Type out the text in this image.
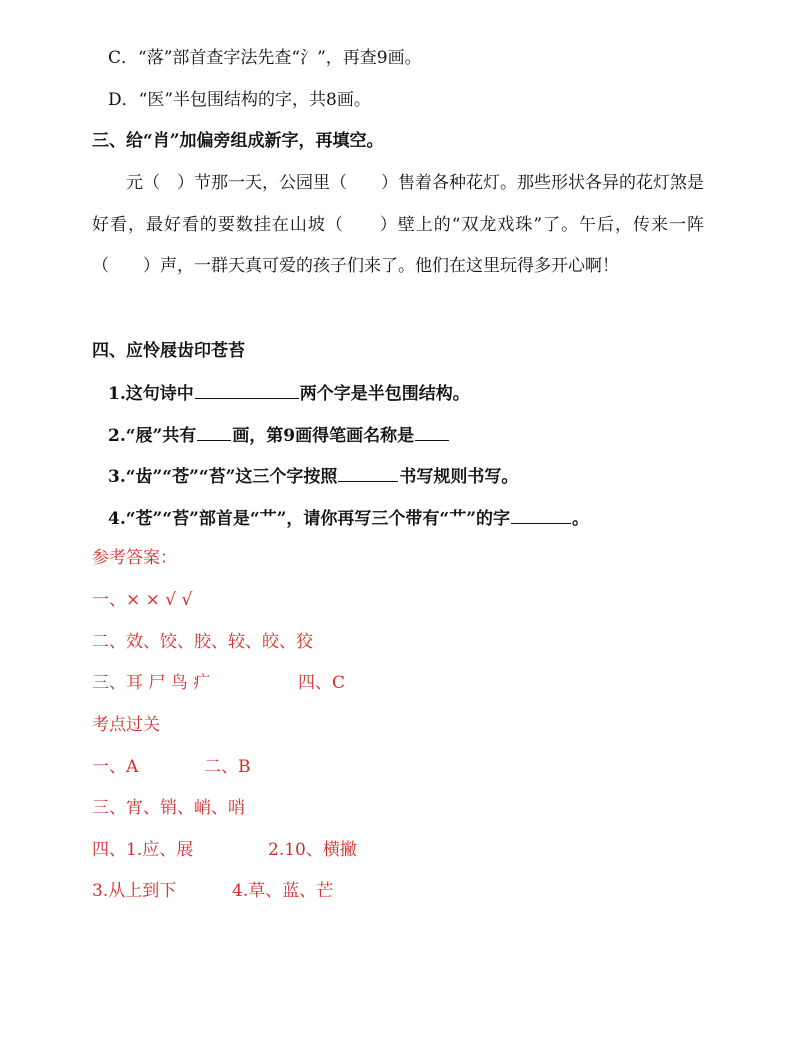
C．“落”部首查字法先查“氵”，再查9画。
D．“医”半包围结构的字，共8画。
三、给“肖”加偏旁组成新字，再填空。
元（　）节那一天，公园里（　　）售着各种花灯。那些形状各异的花灯煞是好看，最好看的要数挂在山坡（　　）壁上的“双龙戏珠”了。午后，传来一阵（　　）声，一群天真可爱的孩子们来了。他们在这里玩得多开心啊！
四、应怜屐齿印苍苔
1.这句诗中	两个字是半包围结构。
2.“屐”共有 画，第9画得笔画名称是
3.“齿”“苍”“苔”这三个字按照	书写规则书写。
4.“苍”“苔”部首是“艹”，请你再写三个带有“艹”的字	。
参考答案：
一、× × √ √
二、效、饺、胶、较、皎、狡
三、耳 尸 鸟 疒	四、C
考点过关
一、A	二、B
三、宵、销、峭、哨
四、1.应、展	2.10、横撇
3.从上到下	4.草、蓝、芒
